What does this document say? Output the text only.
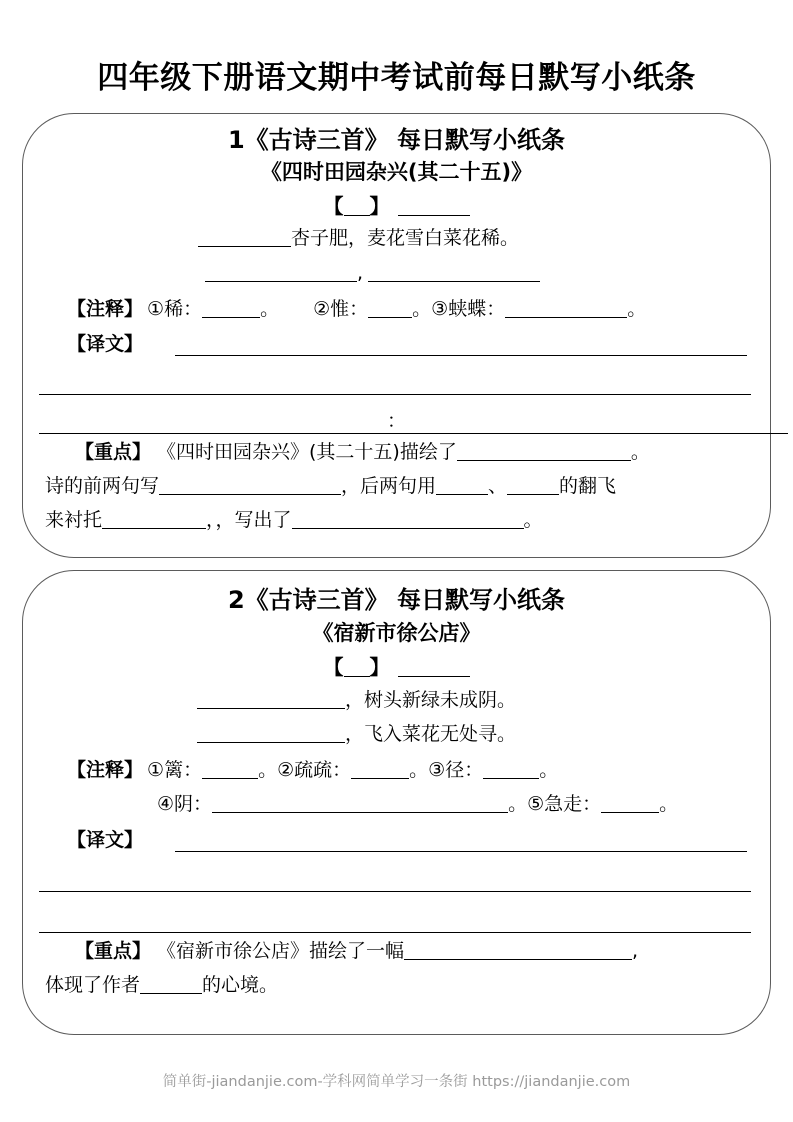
四年级下册语文期中考试前每日默写小纸条
1《古诗三首》 每日默写小纸条
《四时田园杂兴(其二十五)》
【 】
杏子肥，麦花雪白菜花稀。
,
【注释】 ①稀：	。 ②惟： 。③蛱蝶：	。
【译文】
：
【重点】 《四时田园杂兴》(其二十五)描绘了	。
诗的前两句写	，后两句用	、	的翻飞
来衬托	，，写出了	。
2《古诗三首》 每日默写小纸条
《宿新市徐公店》
【 】
，树头新绿未成阴。
，飞入菜花无处寻。
【注释】 ①篱：	。②疏疏：	。③径：	。
④阴：	。⑤急走：	。
【译文】
【重点】 《宿新市徐公店》描绘了一幅	,
体现了作者	的心境。
简单街-jiandanjie.com-学科网简单学习一条街 https://jiandanjie.com
